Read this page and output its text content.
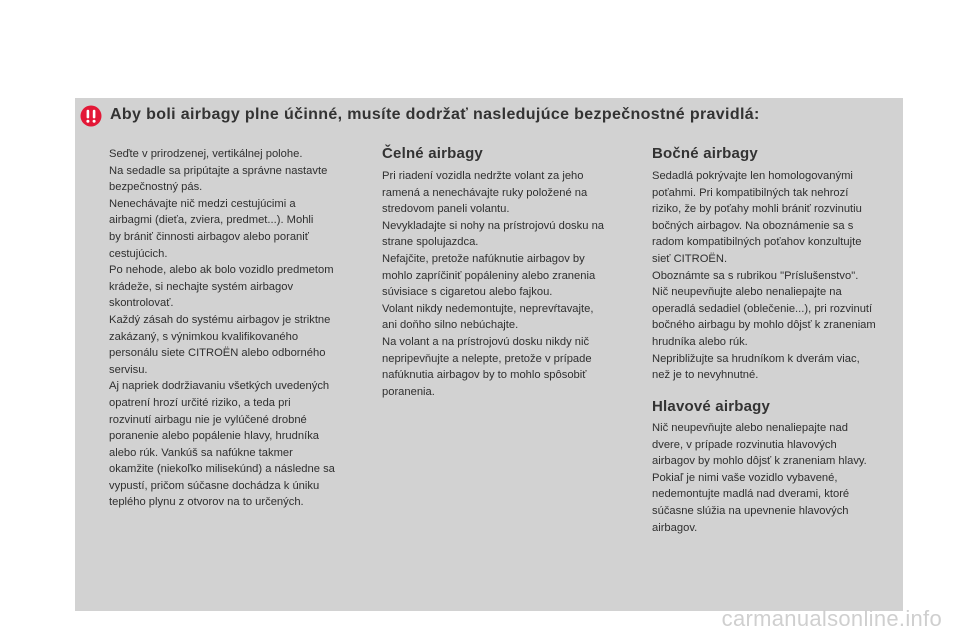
Aby boli airbagy plne účinné, musíte dodržať nasledujúce bezpečnostné pravidlá:

Seďte v prirodzenej, vertikálnej polohe.
Na sedadle sa pripútajte a správne nastavte
bezpečnostný pás.
Nenechávajte nič medzi cestujúcimi a
airbagmi (dieťa, zviera, predmet...). Mohli
by brániť činnosti airbagov alebo poraniť
cestujúcich.
Po nehode, alebo ak bolo vozidlo predmetom
krádeže, si nechajte systém airbagov
skontrolovať.
Každý zásah do systému airbagov je striktne
zakázaný, s výnimkou kvalifikovaného
personálu siete CITROËN alebo odborného
servisu.
Aj napriek dodržiavaniu všetkých uvedených
opatrení hrozí určité riziko, a teda pri
rozvinutí airbagu nie je vylúčené drobné
poranenie alebo popálenie hlavy, hrudníka
alebo rúk. Vankúš sa nafúkne takmer
okamžite (niekoľko milisekúnd) a následne sa
vypustí, pričom súčasne dochádza k úniku
teplého plynu z otvorov na to určených.

Čelné airbagy

Pri riadení vozidla nedržte volant za jeho
ramená a nenechávajte ruky položené na
stredovom paneli volantu.
Nevykladajte si nohy na prístrojovú dosku na
strane spolujazdca.
Nefajčite, pretože nafúknutie airbagov by
mohlo zapríčiniť popáleniny alebo zranenia
súvisiace s cigaretou alebo fajkou.
Volant nikdy nedemontujte, neprevŕtavajte,
ani doňho silno nebúchajte.
Na volant a na prístrojovú dosku nikdy nič
nepripevňujte a nelepte, pretože v prípade
nafúknutia airbagov by to mohlo spôsobiť
poranenia.

Bočné airbagy

Sedadlá pokrývajte len homologovanými
poťahmi. Pri kompatibilných tak nehrozí
riziko, že by poťahy mohli brániť rozvinutiu
bočných airbagov. Na oboznámenie sa s
radom kompatibilných poťahov konzultujte
sieť CITROËN.
Oboznámte sa s rubrikou "Príslušenstvo".
Nič neupevňujte alebo nenaliepajte na
operadlá sedadiel (oblečenie...), pri rozvinutí
bočného airbagu by mohlo dôjsť k zraneniam
hrudníka alebo rúk.
Nepribližujte sa hrudníkom k dverám viac,
než je to nevyhnutné.

Hlavové airbagy

Nič neupevňujte alebo nenaliepajte nad
dvere, v prípade rozvinutia hlavových
airbagov by mohlo dôjsť k zraneniam hlavy.
Pokiaľ je nimi vaše vozidlo vybavené,
nedemontujte madlá nad dverami, ktoré
súčasne slúžia na upevnenie hlavových
airbagov.

carmanualsonline.info
